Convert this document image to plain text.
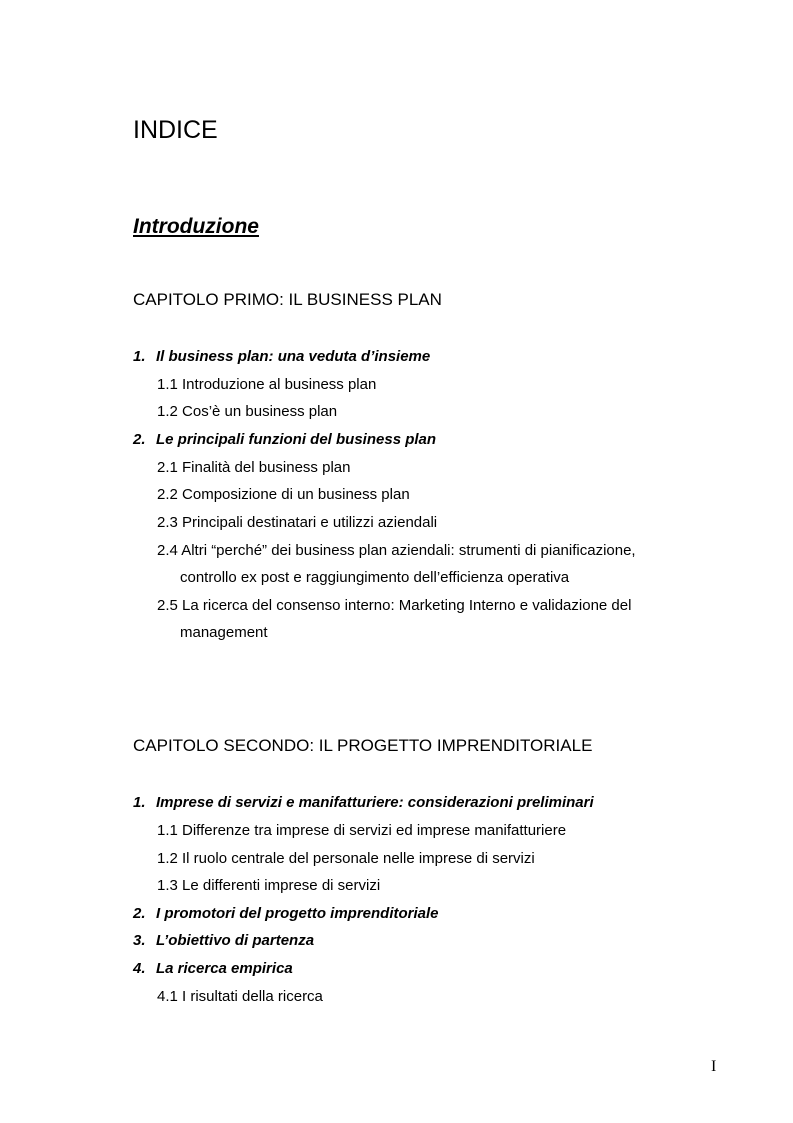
INDICE
Introduzione
CAPITOLO PRIMO: IL BUSINESS PLAN
1. Il business plan: una veduta d’insieme
1.1 Introduzione al business plan
1.2 Cos’è un business plan
2. Le principali funzioni del business plan
2.1 Finalità del business plan
2.2 Composizione di un business plan
2.3 Principali destinatari e utilizzi aziendali
2.4 Altri “perché” dei business plan aziendali: strumenti di pianificazione,
controllo ex post e raggiungimento dell’efficienza operativa
2.5 La ricerca del consenso interno: Marketing Interno e validazione del
management
CAPITOLO SECONDO: IL PROGETTO IMPRENDITORIALE
1. Imprese di servizi e manifatturiere: considerazioni preliminari
1.1 Differenze tra imprese di servizi ed imprese manifatturiere
1.2 Il ruolo centrale del personale nelle imprese di servizi
1.3 Le differenti imprese di servizi
2. I promotori del progetto imprenditoriale
3. L’obiettivo di partenza
4. La ricerca empirica
4.1 I risultati della ricerca
I
